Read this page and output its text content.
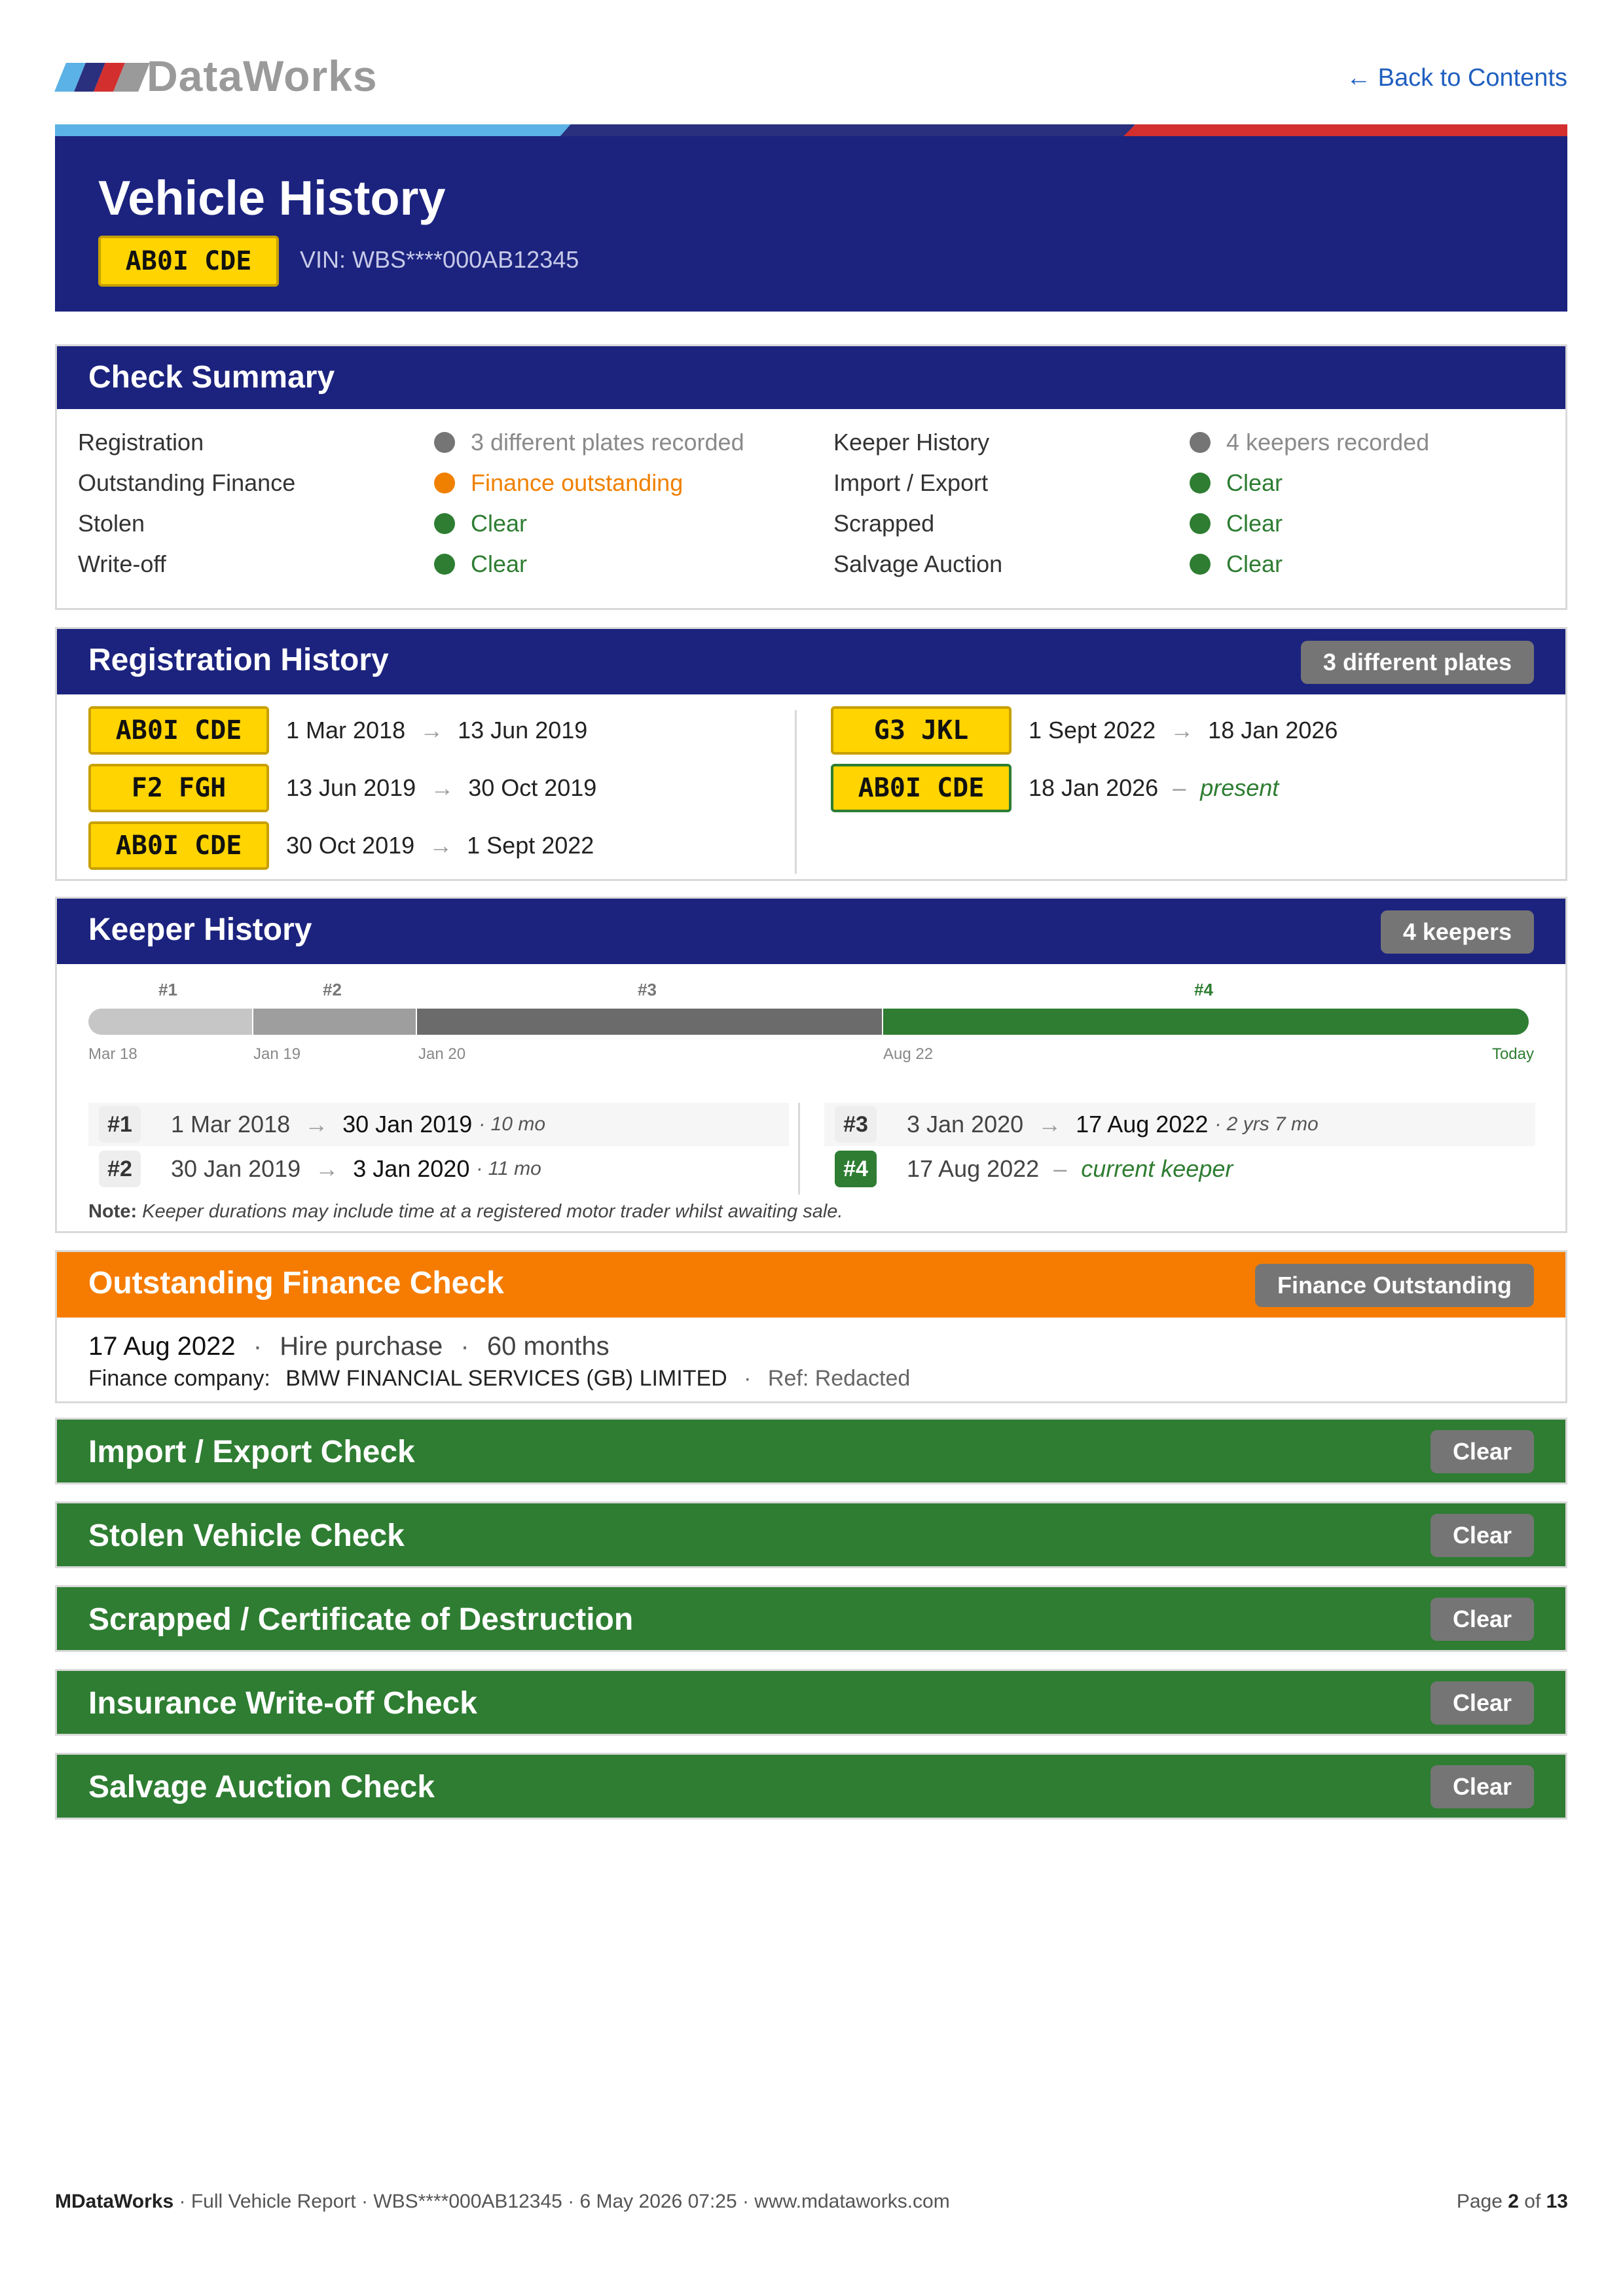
DataWorks	← Back to Contents
Vehicle History
AB0I CDE	VIN: WBS****000AB12345
Check Summary
Registration	3 different plates recorded
Outstanding Finance	Finance outstanding
Stolen	Clear
Write-off	Clear
Keeper History	4 keepers recorded
Import / Export	Clear
Scrapped	Clear
Salvage Auction	Clear
Registration History	3 different plates
AB0I CDE	1 Mar 2018 → 13 Jun 2019
F2 FGH	13 Jun 2019 → 30 Oct 2019
AB0I CDE	30 Oct 2019 → 1 Sept 2022
G3 JKL	1 Sept 2022 → 18 Jan 2026
AB0I CDE	18 Jan 2026 – present
Keeper History	4 keepers
#1	#2	#3	#4
Mar 18	Jan 19	Jan 20	Aug 22	Today
#1	1 Mar 2018 → 30 Jan 2019 · 10 mo
#2	30 Jan 2019 → 3 Jan 2020 · 11 mo
#3	3 Jan 2020 → 17 Aug 2022 · 2 yrs 7 mo
#4	17 Aug 2022 – current keeper
Note: Keeper durations may include time at a registered motor trader whilst awaiting sale.
Outstanding Finance Check	Finance Outstanding
17 Aug 2022 · Hire purchase · 60 months
Finance company: BMW FINANCIAL SERVICES (GB) LIMITED · Ref: Redacted
Import / Export Check	Clear
Stolen Vehicle Check	Clear
Scrapped / Certificate of Destruction	Clear
Insurance Write-off Check	Clear
Salvage Auction Check	Clear
MDataWorks · Full Vehicle Report · WBS****000AB12345 · 6 May 2026 07:25 · www.mdataworks.com	Page 2 of 13
